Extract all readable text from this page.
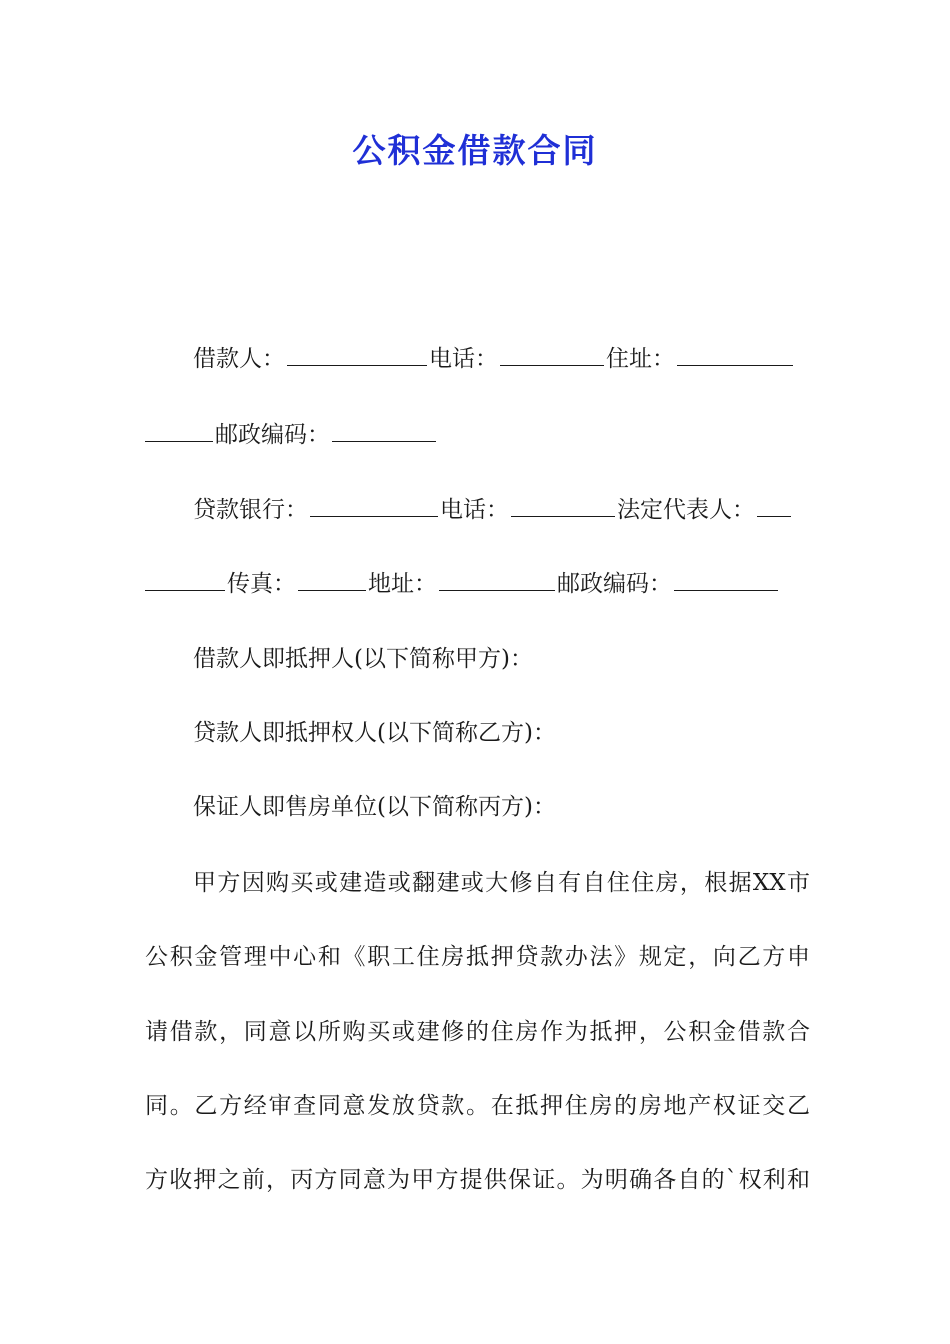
公积金借款合同
借款人：	电话：	住址：
邮政编码：
贷款银行：	电话：	法定代表人：
传真：	地址：	邮政编码：
借款人即抵押人(以下简称甲方)：
贷款人即抵押权人(以下简称乙方)：
保证人即售房单位(以下简称丙方)：
甲方因购买或建造或翻建或大修自有自住住房，根据XX市
公积金管理中心和《职工住房抵押贷款办法》规定，向乙方申
请借款，同意以所购买或建修的住房作为抵押，公积金借款合
同。乙方经审查同意发放贷款。在抵押住房的房地产权证交乙
方收押之前，丙方同意为甲方提供保证。为明确各自的`权利和
